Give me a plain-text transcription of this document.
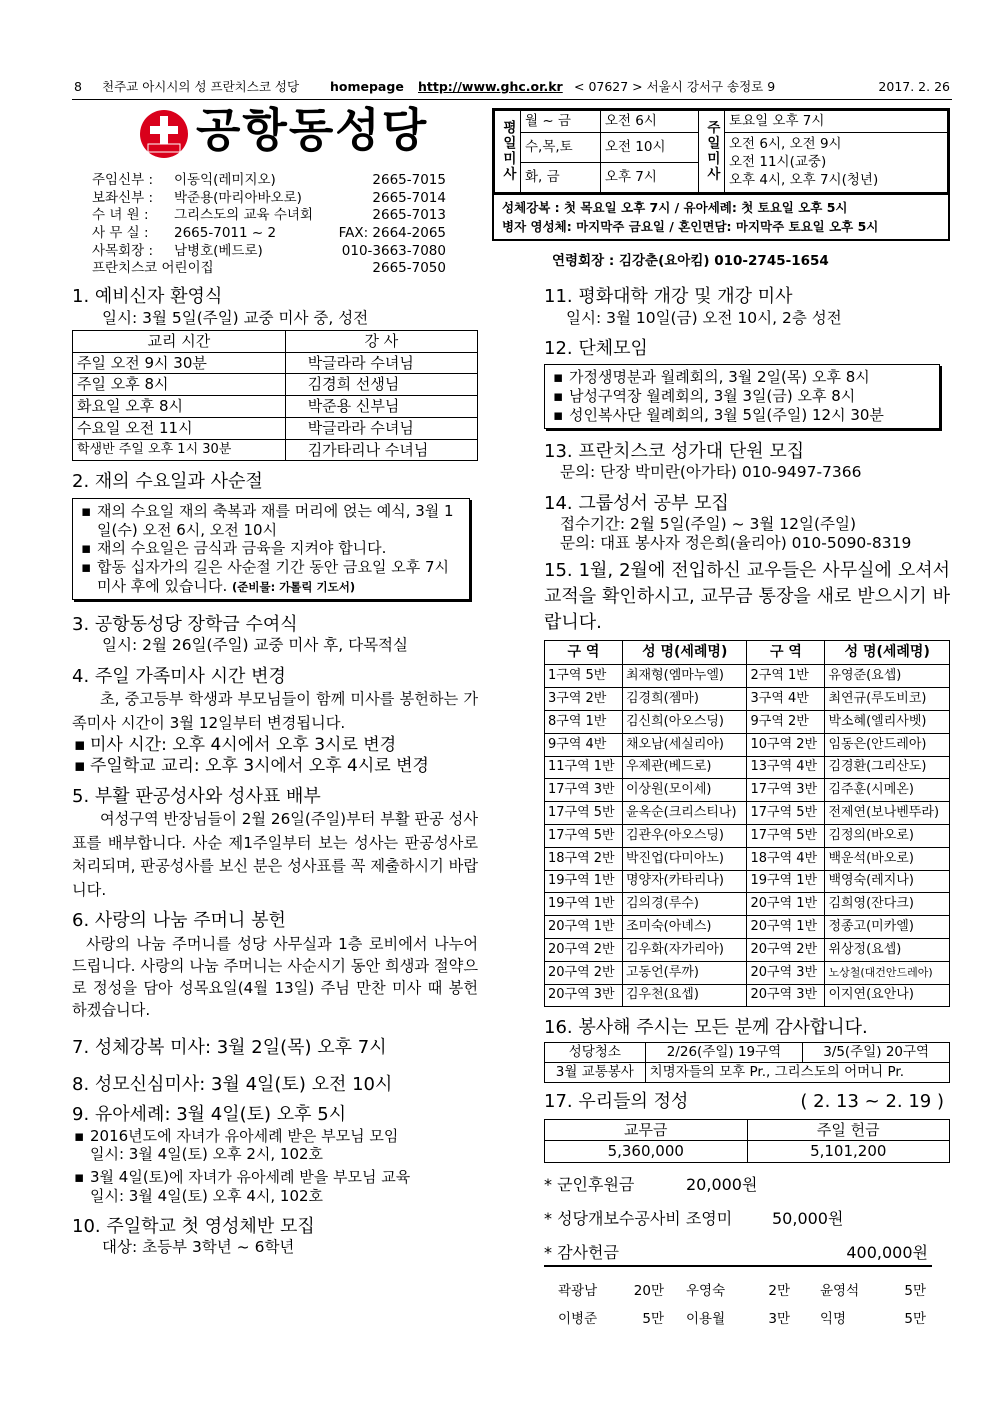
8 천주교 아시시의 성 프란치스코 성당 homepage http://www.ghc.or.kr < 07627 > 서울시 강서구 송정로 9	2017. 2. 26
공항동성당
주임신부 : 이동익(레미지오)	2665-7015
보좌신부 : 박준용(마리아바오로)	2665-7014
수 녀 원 : 그리스도의 교육 수녀회	2665-7013
사 무 실 : 2665-7011 ~ 2	FAX: 2664-2065
사목회장 : 남병호(베드로)	010-3663-7080
프란치스코 어린이집	2665-7050
평일미사	월 ~ 금	오전 6시	주일미사	토요일 오후 7시
	수,목,토	오전 10시		오전 6시, 오전 9시
오전 11시(교중)
오후 4시, 오후 7시(청년)

	화, 금	오후 7시		
성체강복 : 첫 목요일 오후 7시 / 유아세례: 첫 토요일 오후 5시
병자 영성체: 마지막주 금요일 / 혼인면담: 마지막주 토요일 오후 5시
연령회장 : 김강춘(요아킴) 010-2745-1654
1. 예비신자 환영식
일시: 3월 5일(주일) 교중 미사 중, 성전
교리 시간	강 사
주일 오전 9시 30분	박글라라 수녀님
주일 오후 8시	김경희 선생님
화요일 오후 8시	박준용 신부님
수요일 오전 11시	박글라라 수녀님
학생반 주일 오후 1시 30분	김가타리나 수녀님
2. 재의 수요일과 사순절
▪ 재의 수요일 재의 축복과 재를 머리에 얹는 예식, 3월 1일(수) 오전 6시, 오전 10시
▪ 재의 수요일은 금식과 금육을 지켜야 합니다.
▪ 합동 십자가의 길은 사순절 기간 동안 금요일 오후 7시 미사 후에 있습니다. (준비물: 가톨릭 기도서)
3. 공항동성당 장학금 수여식
일시: 2월 26일(주일) 교중 미사 후, 다목적실
4. 주일 가족미사 시간 변경
초, 중고등부 학생과 부모님들이 함께 미사를 봉헌하는 가족미사 시간이 3월 12일부터 변경됩니다.
▪ 미사 시간: 오후 4시에서 오후 3시로 변경
▪ 주일학교 교리: 오후 3시에서 오후 4시로 변경
5. 부활 판공성사와 성사표 배부
여성구역 반장님들이 2월 26일(주일)부터 부활 판공 성사표를 배부합니다. 사순 제1주일부터 보는 성사는 판공성사로 처리되며, 판공성사를 보신 분은 성사표를 꼭 제출하시기 바랍니다.
6. 사랑의 나눔 주머니 봉헌
사랑의 나눔 주머니를 성당 사무실과 1층 로비에서 나누어 드립니다. 사랑의 나눔 주머니는 사순시기 동안 희생과 절약으로 정성을 담아 성목요일(4월 13일) 주님 만찬 미사 때 봉헌하겠습니다.
7. 성체강복 미사: 3월 2일(목) 오후 7시
8. 성모신심미사: 3월 4일(토) 오전 10시
9. 유아세례: 3월 4일(토) 오후 5시
▪ 2016년도에 자녀가 유아세례 받은 부모님 모임
일시: 3월 4일(토) 오후 2시, 102호
▪ 3월 4일(토)에 자녀가 유아세례 받을 부모님 교육
일시: 3월 4일(토) 오후 4시, 102호
10. 주일학교 첫 영성체반 모집
대상: 초등부 3학년 ~ 6학년
11. 평화대학 개강 및 개강 미사
일시: 3월 10일(금) 오전 10시, 2층 성전
12. 단체모임
▪ 가정생명분과 월례회의, 3월 2일(목) 오후 8시
▪ 남성구역장 월례회의, 3월 3일(금) 오후 8시
▪ 성인복사단 월례회의, 3월 5일(주일) 12시 30분
13. 프란치스코 성가대 단원 모집
문의: 단장 박미란(아가타) 010-9497-7366
14. 그룹성서 공부 모집
접수기간: 2월 5일(주일) ~ 3월 12일(주일)
문의: 대표 봉사자 정은희(율리아) 010-5090-8319
15. 1월, 2월에 전입하신 교우들은 사무실에 오셔서 교적을 확인하시고, 교무금 통장을 새로 받으시기 바랍니다.
구 역	성 명(세례명)	구 역	성 명(세례명)
1구역 5반	최재형(엠마누엘)	2구역 1반	유영준(요셉)
3구역 2반	김경희(젬마)	3구역 4반	최연규(루도비코)
8구역 1반	김신희(아오스딩)	9구역 2반	박소혜(엘리사벳)
9구역 4반	채오남(세실리아)	10구역 2반	임동은(안드레아)
11구역 1반	우제관(베드로)	13구역 4반	김경환(그리산도)
17구역 3반	이상원(모이세)	17구역 3반	김주훈(시메온)
17구역 5반	윤옥순(크리스티나)	17구역 5반	전제연(보나벤뚜라)
17구역 5반	김관우(아오스딩)	17구역 5반	김정의(바오로)
18구역 2반	박진업(다미아노)	18구역 4반	백운석(바오로)
19구역 1반	명양자(카타리나)	19구역 1반	백영숙(레지나)
19구역 1반	김의경(루수)	20구역 1반	김희영(잔다크)
20구역 1반	조미숙(아녜스)	20구역 1반	정종고(미카엘)
20구역 2반	김우화(자가리아)	20구역 2반	위상정(요셉)
20구역 2반	고동언(루까)	20구역 3반	노상철(대건안드레아)
20구역 3반	김우천(요셉)	20구역 3반	이지연(요안나)
16. 봉사해 주시는 모든 분께 감사합니다.
성당청소	2/26(주일) 19구역	3/5(주일) 20구역
3월 교통봉사	치명자들의 모후 Pr., 그리스도의 어머니 Pr.	
17. 우리들의 정성	( 2. 13 ~ 2. 19 )
교무금	주일 헌금
5,360,000	5,101,200
* 군인후원금	20,000원
* 성당개보수공사비 조영미 50,000원
* 감사헌금	400,000원
곽광남	20만	우영숙	2만	윤영석	5만
이병준	5만	이용월	3만	익명	5만
